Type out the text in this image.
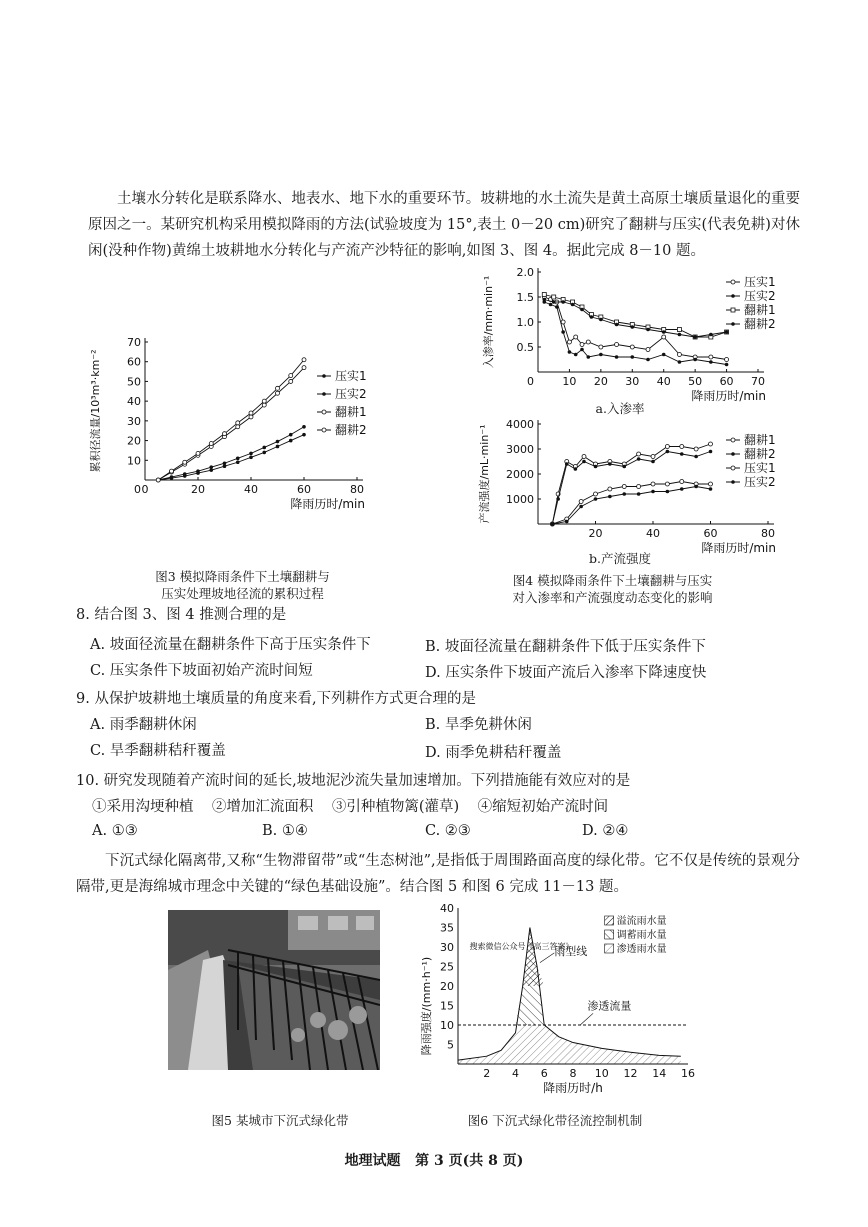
土壤水分转化是联系降水、地表水、地下水的重要环节。坡耕地的水土流失是黄土高原土壤质量退化的重要原因之一。某研究机构采用模拟降雨的方法(试验坡度为 15°,表土 0－20 cm)研究了翻耕与压实(代表免耕)对休闲(没种作物)黄绵土坡耕地水分转化与产流产沙特征的影响,如图 3、图 4。据此完成 8－10 题。
0	20	40	60	80
0
10
20
30
40
50
60
70
降雨历时/min
累积径流量/10³m³·km⁻²	压实1
压实2
翻耕1
翻耕2
图3 模拟降雨条件下土壤翻耕与
压实处理坡地径流的累积过程
10 20 30 40 50 60 70
0
0.5
1.0
1.5
2.0
降雨历时/min
入渗率/mm·min⁻¹	压实1
压实2
翻耕1
翻耕2
a.入渗率
20	40	60	80
1000
2000
3000
4000
降雨历时/min
产流强度/mL·min⁻¹	翻耕1
翻耕2
压实1
压实2
b.产流强度
图4 模拟降雨条件下土壤翻耕与压实
对入渗率和产流强度动态变化的影响
8. 结合图 3、图 4 推测合理的是
A. 坡面径流量在翻耕条件下高于压实条件下	B. 坡面径流量在翻耕条件下低于压实条件下
C. 压实条件下坡面初始产流时间短	D. 压实条件下坡面产流后入渗率下降速度快
9. 从保护坡耕地土壤质量的角度来看,下列耕作方式更合理的是
A. 雨季翻耕休闲	B. 旱季免耕休闲
C. 旱季翻耕秸秆覆盖	D. 雨季免耕秸秆覆盖
10. 研究发现随着产流时间的延长,坡地泥沙流失量加速增加。下列措施能有效应对的是
①采用沟埂种植    ②增加汇流面积    ③引种植物篱(灌草)    ④缩短初始产流时间
A. ①③	B. ①④	C. ②③	D. ②④
下沉式绿化隔离带,又称“生物滞留带”或“生态树池”,是指低于周围路面高度的绿化带。它不仅是传统的景观分隔带,更是海绵城市理念中关键的“绿色基础设施”。结合图 5 和图 6 完成 11－13 题。
图5 某城市下沉式绿化带
2 4 6 8 10 12 14 16
5
10
15
20
25
30
35
40
降雨历时/h
降雨强度/(mm·h⁻¹)
雨型线
渗透流量
搜索微信公众号《高三答案》
溢流雨水量
调蓄雨水量
渗透雨水量
图6 下沉式绿化带径流控制机制
地理试题   第 3 页(共 8 页)
